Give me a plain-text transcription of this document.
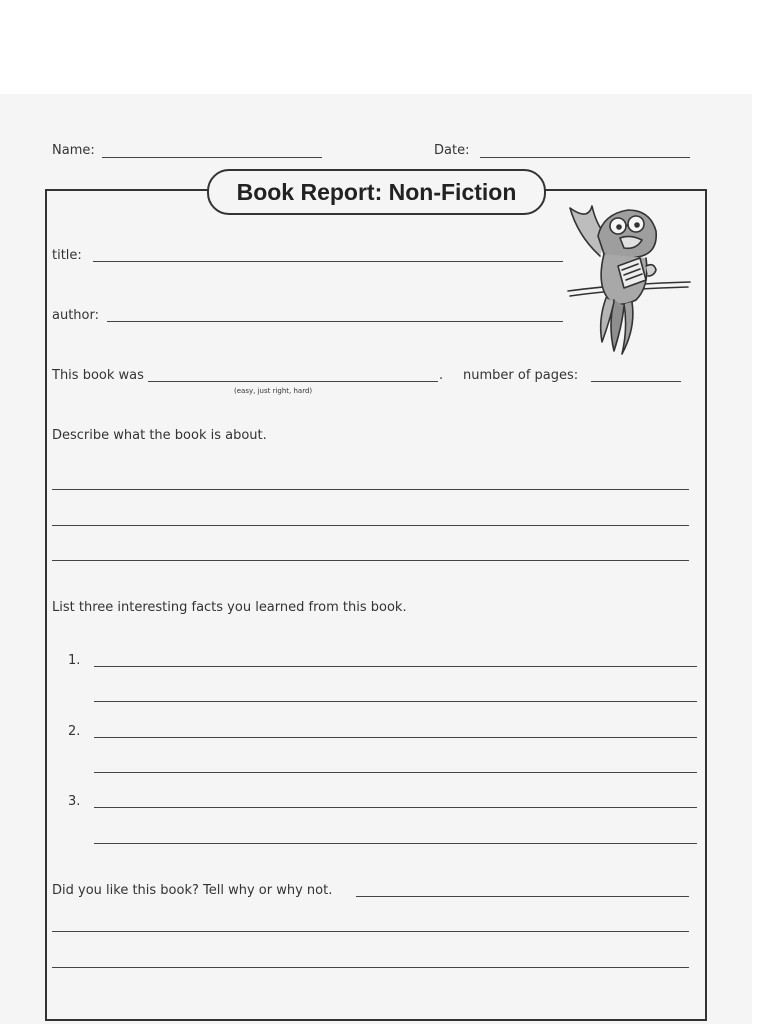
Name:	Date:
Book Report: Non-Fiction
title:
author:
This book was	.
(easy, just right, hard)
number of pages:
Describe what the book is about.
List three interesting facts you learned from this book.
1.
2.
3.
Did you like this book? Tell why or why not.
